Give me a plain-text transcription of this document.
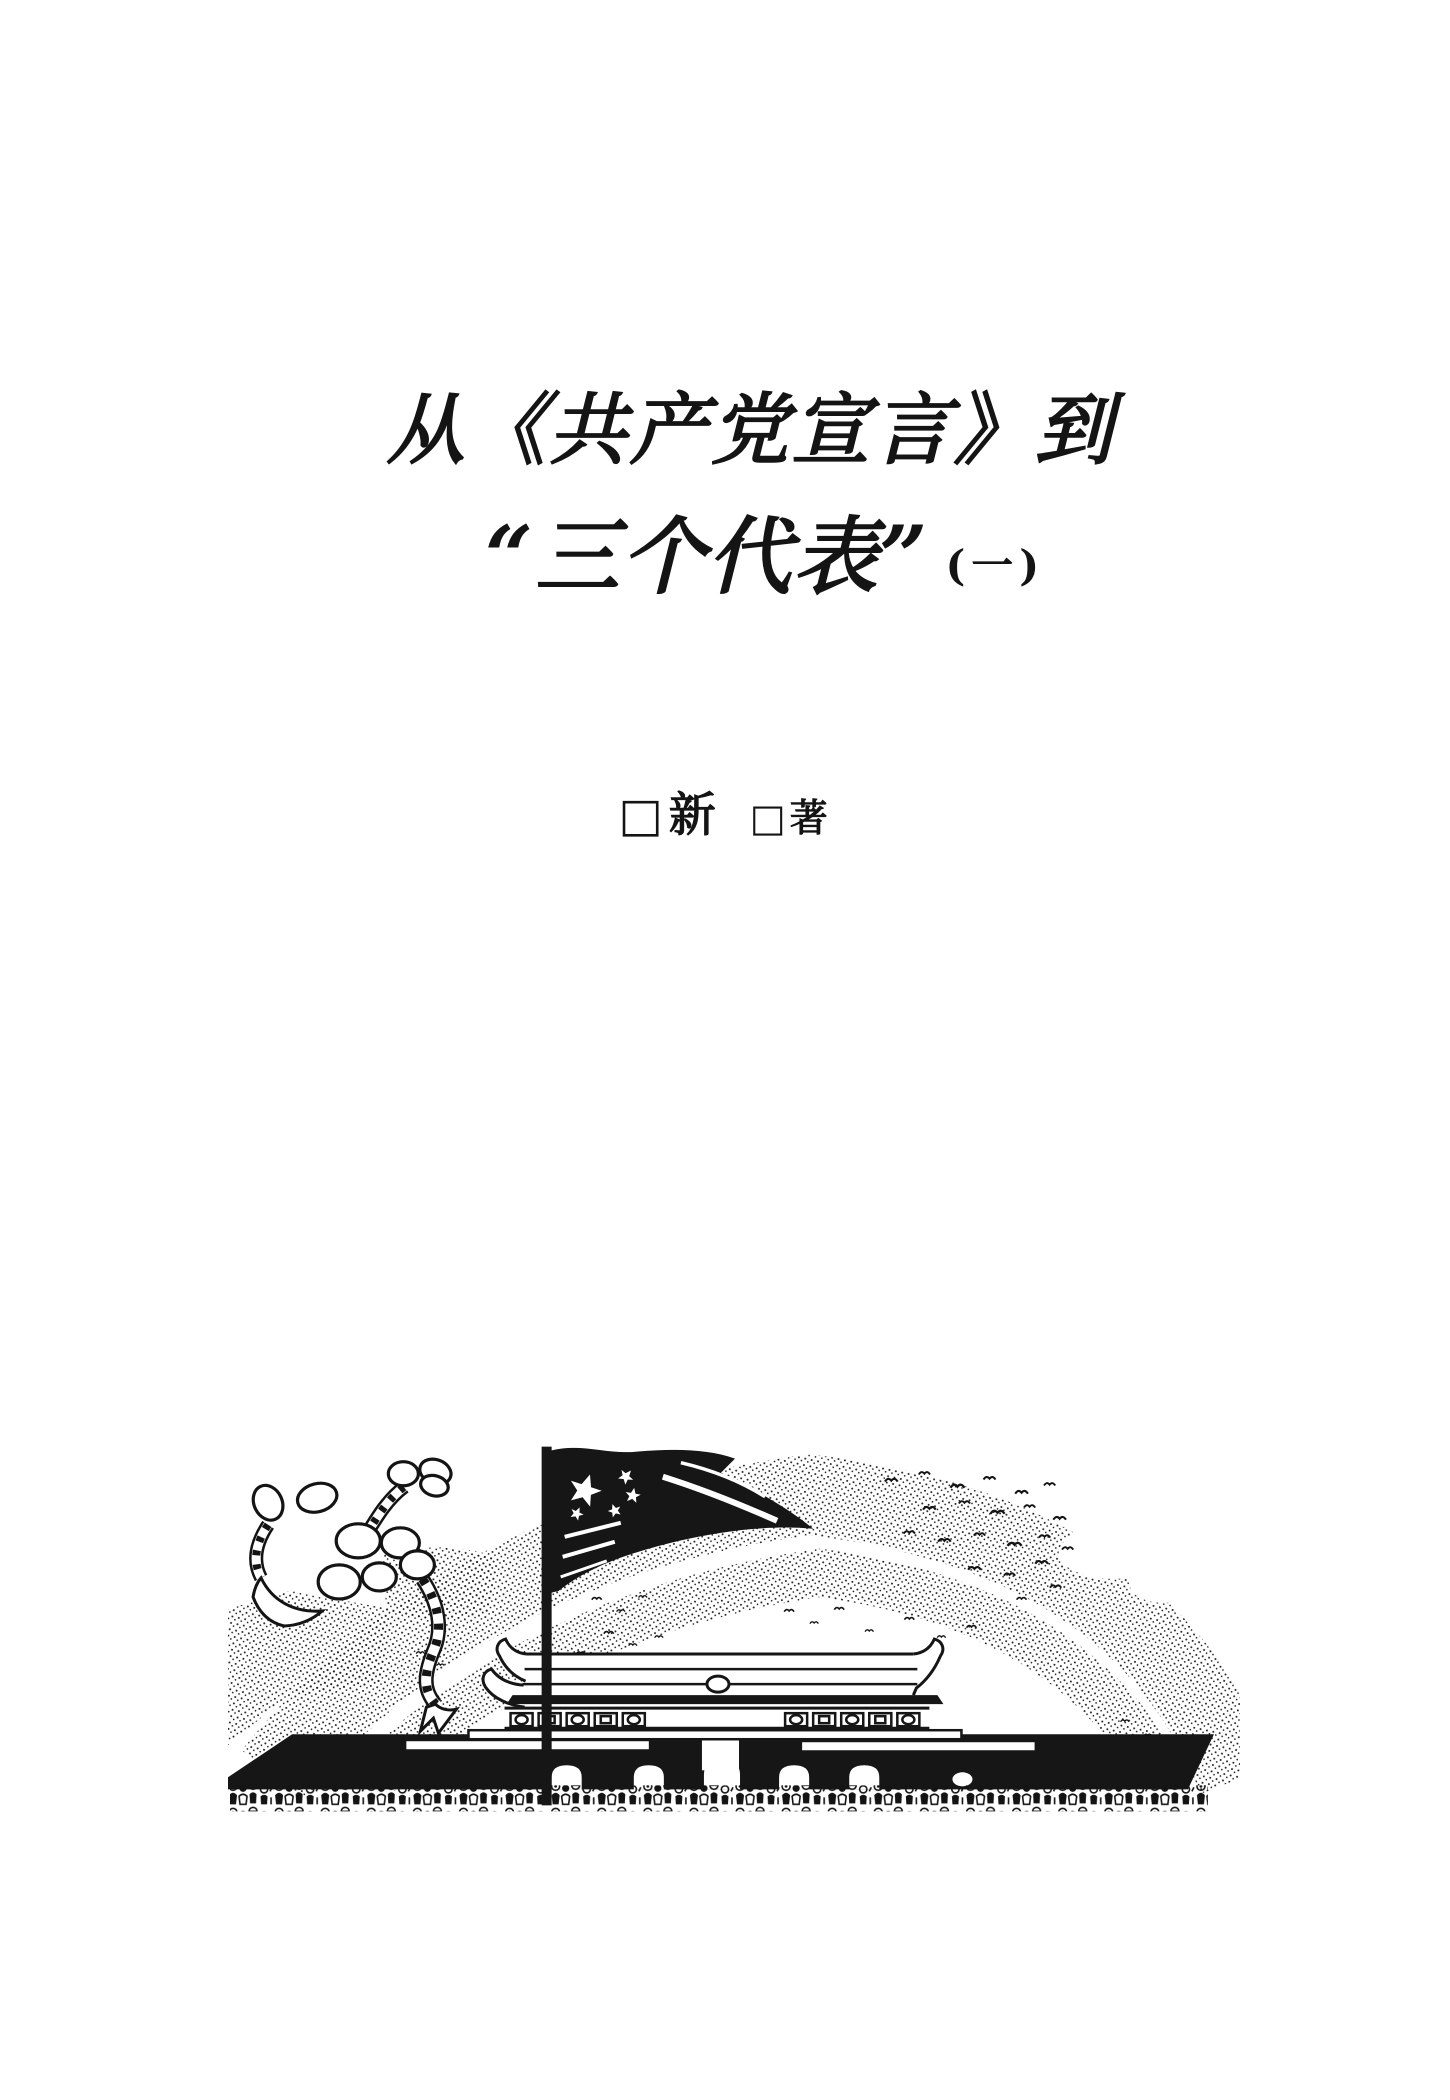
从《共产党宣言》到
“三个代表” (一)
□新 □著
